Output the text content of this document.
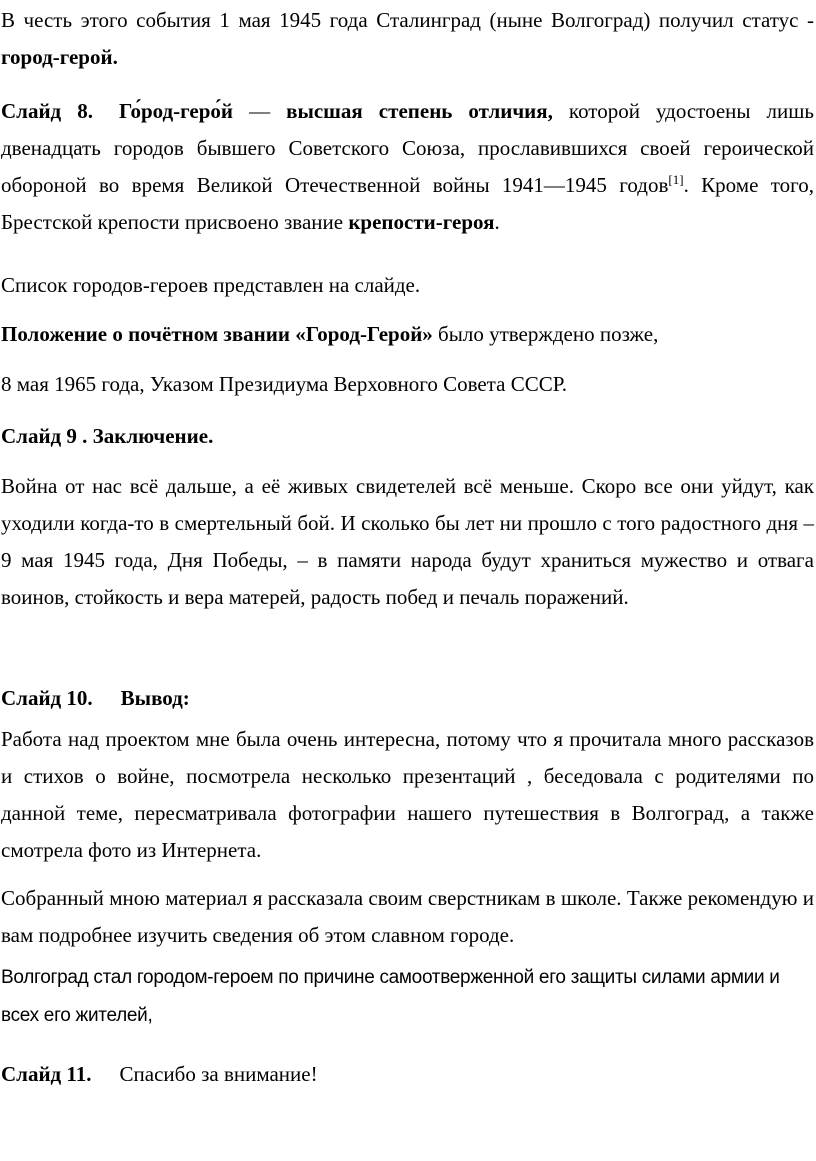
В честь этого события 1 мая 1945 года Сталинград (ныне Волгоград) получил статус - город-герой.

Слайд 8. Го́род-геро́й — высшая степень отличия, которой удостоены лишь двенадцать городов бывшего Советского Союза, прославившихся своей героической обороной во время Великой Отечественной войны 1941—1945 годов[1]. Кроме того, Брестской крепости присвоено звание крепости-героя.

Список городов-героев представлен на слайде.

Положение о почётном звании «Город-Герой» было утверждено позже,

8 мая 1965 года, Указом Президиума Верховного Совета СССР.

Слайд 9 . Заключение.

Война от нас всё дальше, а её живых свидетелей всё меньше. Скоро все они уйдут, как уходили когда-то в смертельный бой. И сколько бы лет ни прошло с того радостного дня – 9 мая 1945 года, Дня Победы, – в памяти народа будут храниться мужество и отвага воинов, стойкость и вера матерей, радость побед и печаль поражений.

Слайд 10. Вывод:

Работа над проектом мне была очень интересна, потому что я прочитала много рассказов и стихов о войне, посмотрела несколько презентаций , беседовала с родителями по данной теме, пересматривала фотографии нашего путешествия в Волгоград, а также смотрела фото из Интернета.

Собранный мною материал я рассказала своим сверстникам в школе. Также рекомендую и вам подробнее изучить сведения об этом славном городе.

Волгоград стал городом-героем по причине самоотверженной его защиты силами армии и всех его жителей,

Слайд 11. Спасибо за внимание!
